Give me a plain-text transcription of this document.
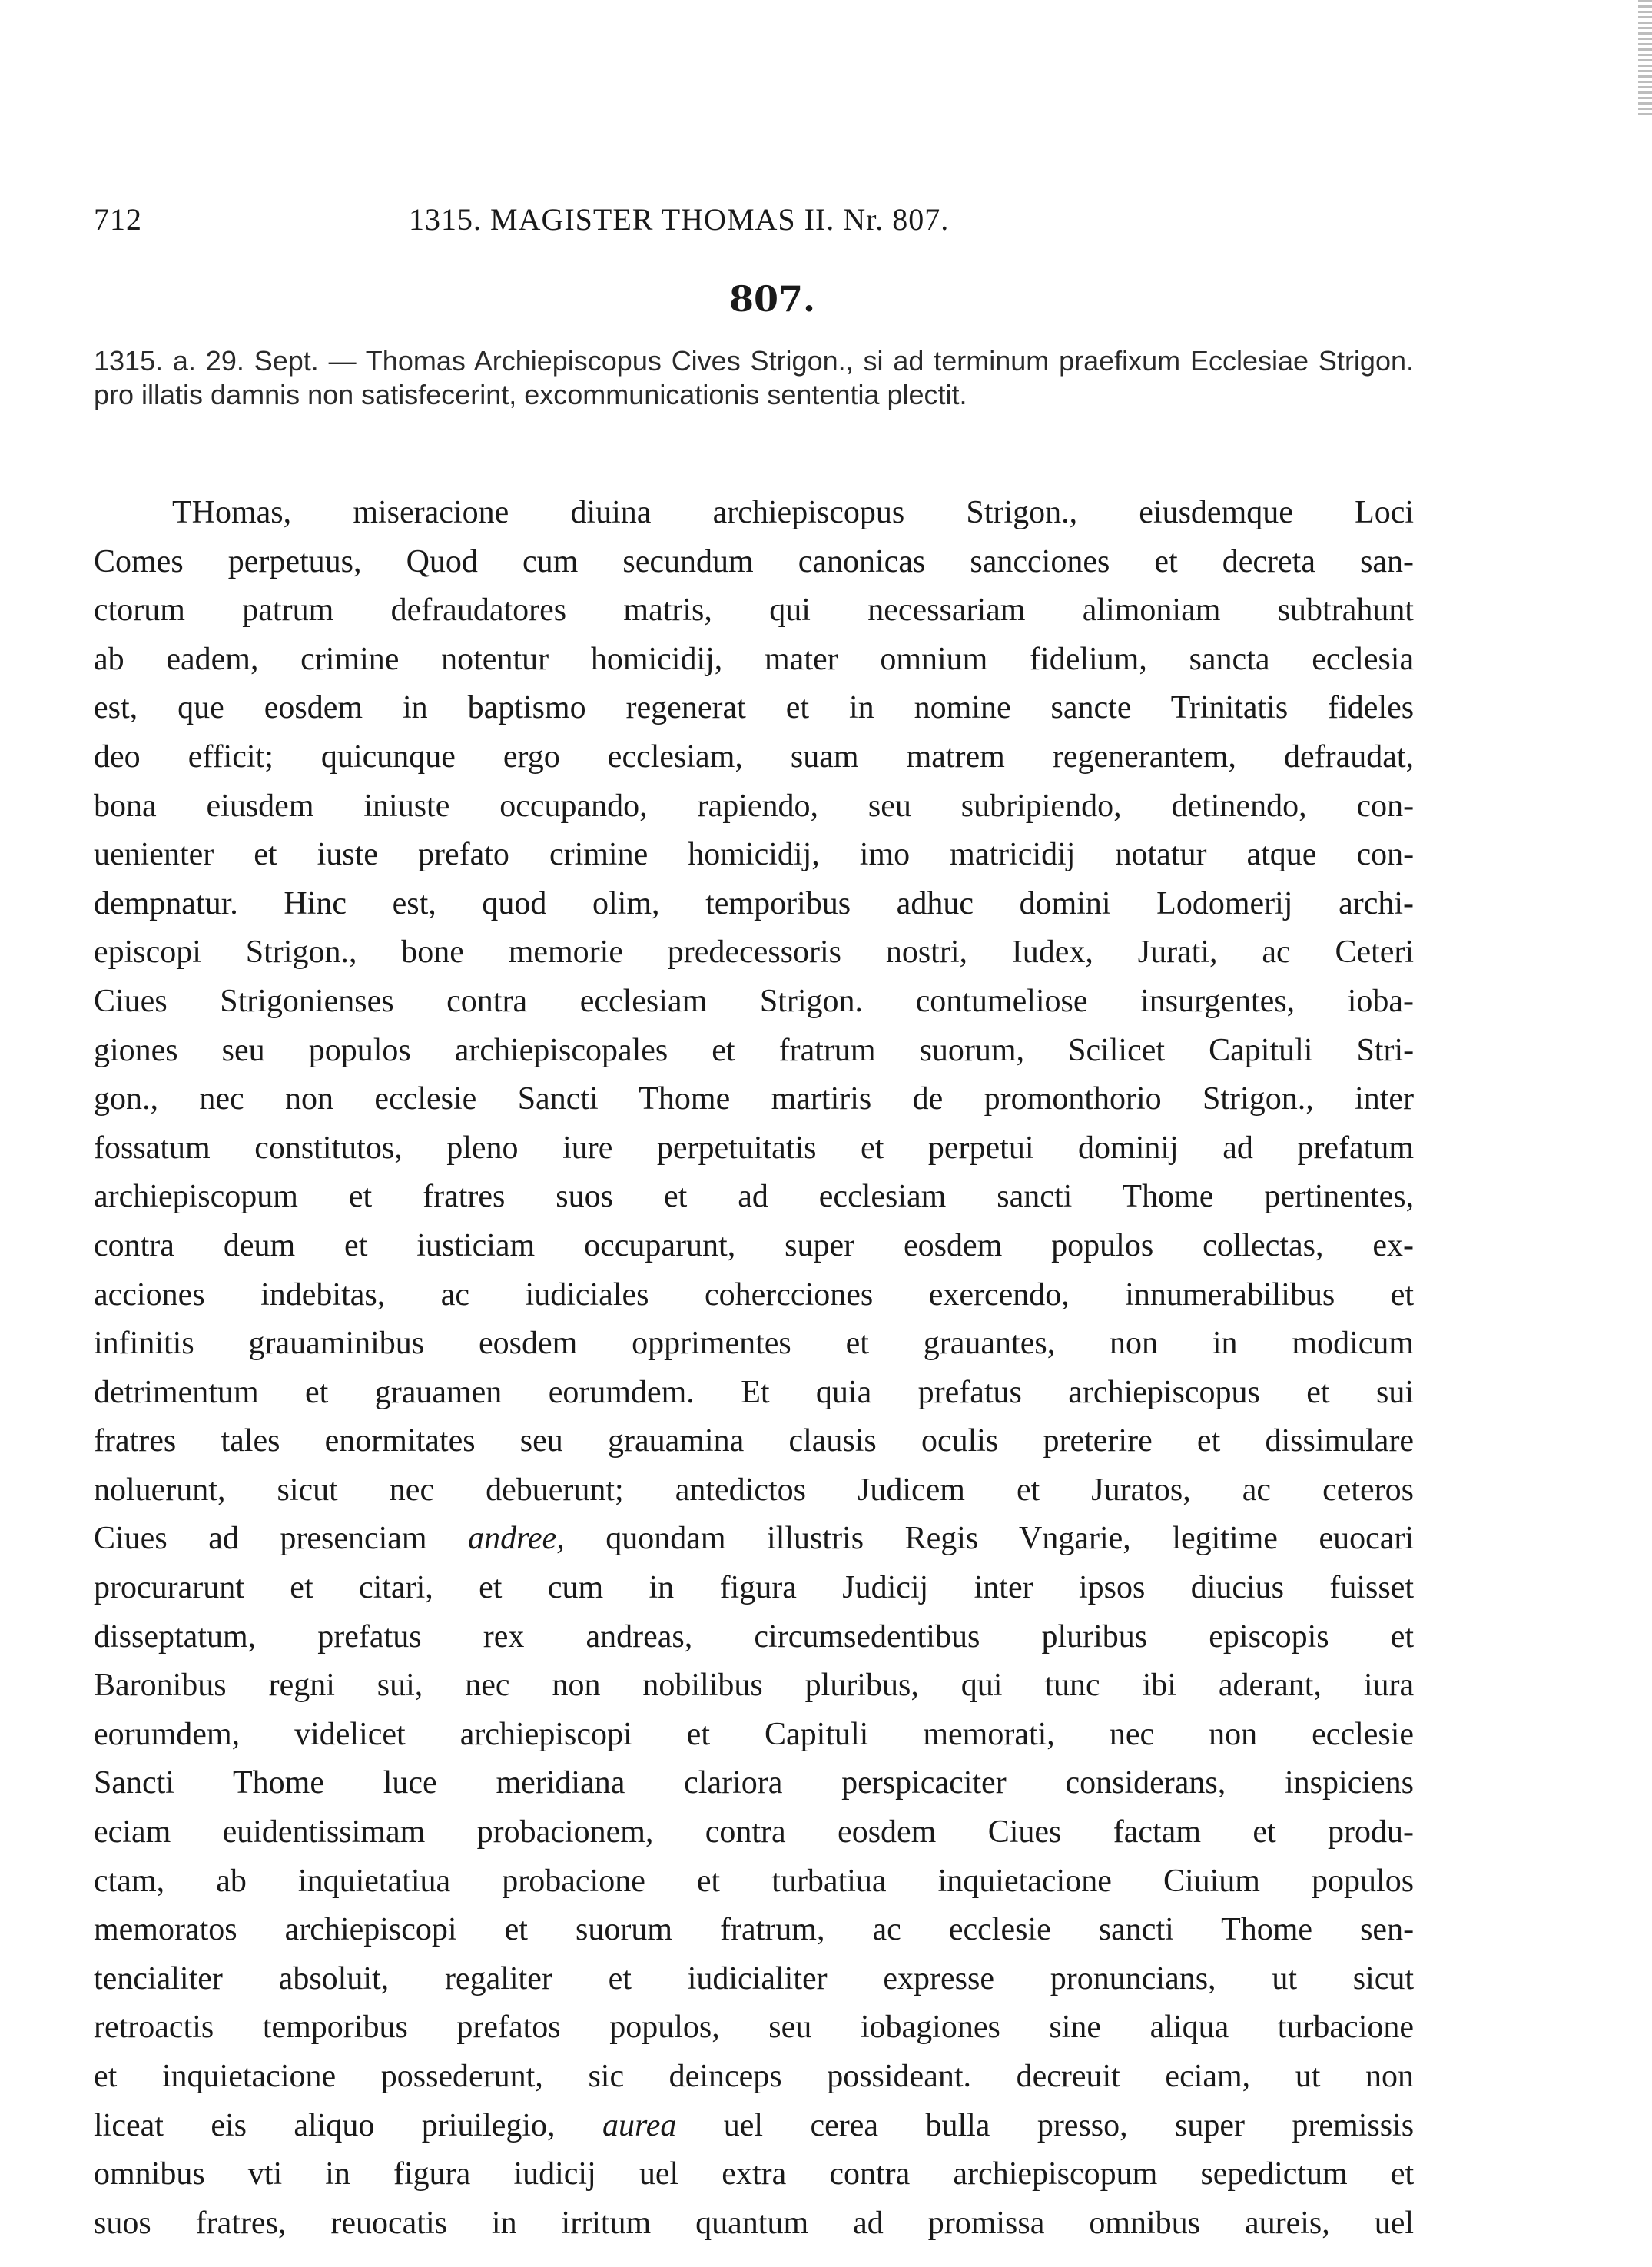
712	1315. MAGISTER THOMAS II. Nr. 807.
807.
1315. a. 29. Sept. — Thomas Archiepiscopus Cives Strigon., si ad terminum praefixum Ecclesiae Strigon. pro illatis damnis non satisfecerint, excommunicationis sententia plectit.
THomas, miseracione diuina archiepiscopus Strigon., eiusdemque Loci
Comes perpetuus, Quod cum secundum canonicas sancciones et decreta san-
ctorum patrum defraudatores matris, qui necessariam alimoniam subtrahunt
ab eadem, crimine notentur homicidij, mater omnium fidelium, sancta ecclesia
est, que eosdem in baptismo regenerat et in nomine sancte Trinitatis fideles
deo efficit; quicunque ergo ecclesiam, suam matrem regenerantem, defraudat,
bona eiusdem iniuste occupando, rapiendo, seu subripiendo, detinendo, con-
uenienter et iuste prefato crimine homicidij, imo matricidij notatur atque con-
dempnatur. Hinc est, quod olim, temporibus adhuc domini Lodomerij archi-
episcopi Strigon., bone memorie predecessoris nostri, Iudex, Jurati, ac Ceteri
Ciues Strigonienses contra ecclesiam Strigon. contumeliose insurgentes, ioba-
giones seu populos archiepiscopales et fratrum suorum, Scilicet Capituli Stri-
gon., nec non ecclesie Sancti Thome martiris de promonthorio Strigon., inter
fossatum constitutos, pleno iure perpetuitatis et perpetui dominij ad prefatum
archiepiscopum et fratres suos et ad ecclesiam sancti Thome pertinentes,
contra deum et iusticiam occuparunt, super eosdem populos collectas, ex-
acciones indebitas, ac iudiciales cohercciones exercendo, innumerabilibus et
infinitis grauaminibus eosdem opprimentes et grauantes, non in modicum
detrimentum et grauamen eorumdem. Et quia prefatus archiepiscopus et sui
fratres tales enormitates seu grauamina clausis oculis preterire et dissimulare
noluerunt, sicut nec debuerunt; antedictos Judicem et Juratos, ac ceteros
Ciues ad presenciam andree, quondam illustris Regis Vngarie, legitime euocari
procurarunt et citari, et cum in figura Judicij inter ipsos diucius fuisset
disseptatum, prefatus rex andreas, circumsedentibus pluribus episcopis et
Baronibus regni sui, nec non nobilibus pluribus, qui tunc ibi aderant, iura
eorumdem, videlicet archiepiscopi et Capituli memorati, nec non ecclesie
Sancti Thome luce meridiana clariora perspicaciter considerans, inspiciens
eciam euidentissimam probacionem, contra eosdem Ciues factam et produ-
ctam, ab inquietatiua probacione et turbatiua inquietacione Ciuium populos
memoratos archiepiscopi et suorum fratrum, ac ecclesie sancti Thome sen-
tencialiter absoluit, regaliter et iudicialiter expresse pronuncians, ut sicut
retroactis temporibus prefatos populos, seu iobagiones sine aliqua turbacione
et inquietacione possederunt, sic deinceps possideant. decreuit eciam, ut non
liceat eis aliquo priuilegio, aurea uel cerea bulla presso, super premissis
omnibus vti in figura iudicij uel extra contra archiepiscopum sepedictum et
suos fratres, reuocatis in irritum quantum ad promissa omnibus aureis, uel
